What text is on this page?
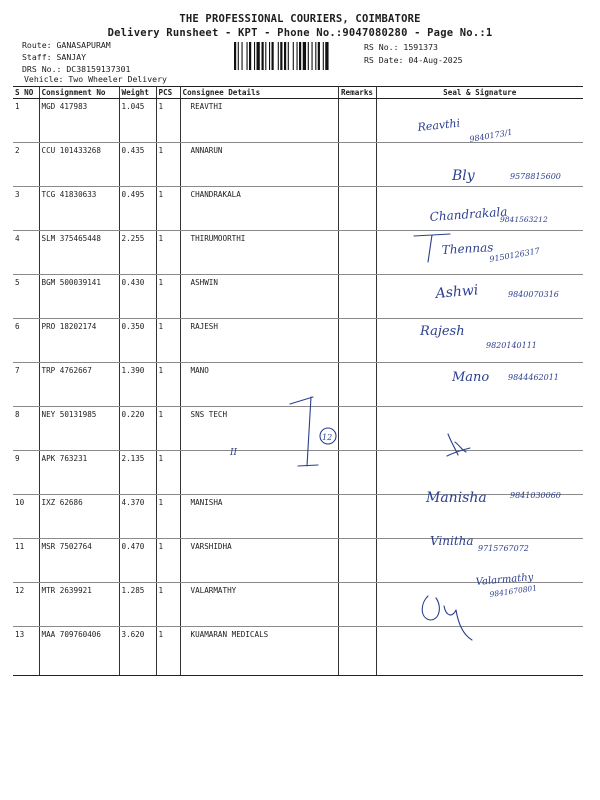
THE PROFESSIONAL COURIERS, COIMBATORE
Delivery Runsheet - KPT - Phone No.:9047080280 - Page No.:1
Route: GANASAPURAM
Staff: SANJAY
DRS No.: DC38159137301
Vehicle: Two Wheeler Delivery
RS No.: 1591373
RS Date: 04-Aug-2025
S NO	Consignment No	Weight	PCS	Consignee Details	Remarks	Seal & Signature
1	MGD 417983	1.045	1	REAVTHI		
2	CCU 101433268	0.435	1	ANNARUN		
3	TCG 41830633	0.495	1	CHANDRAKALA		
4	SLM 375465448	2.255	1	THIRUMOORTHI		
5	BGM 500039141	0.430	1	ASHWIN		
6	PRO 18202174	0.350	1	RAJESH		
7	TRP 4762667	1.390	1	MANO		
8	NEY 50131985	0.220	1	SNS TECH		
9	APK 763231	2.135	1			
10	IXZ 62686	4.370	1	MANISHA		
11	MSR 7502764	0.470	1	VARSHIDHA		
12	MTR 2639921	1.285	1	VALARMATHY		
13	MAA 709760406	3.620	1	KUAMARAN MEDICALS		
Reavthi
9840173/1
Bly	9578815600
Chandrakala
9841563212
Thennas
9150126317
Ashwi	9840070316
Rajesh
9820140111
Mano 9844462011
II
12
Manisha	9841030060
Vinitha
9715767072
Valarmathy
9841670801
